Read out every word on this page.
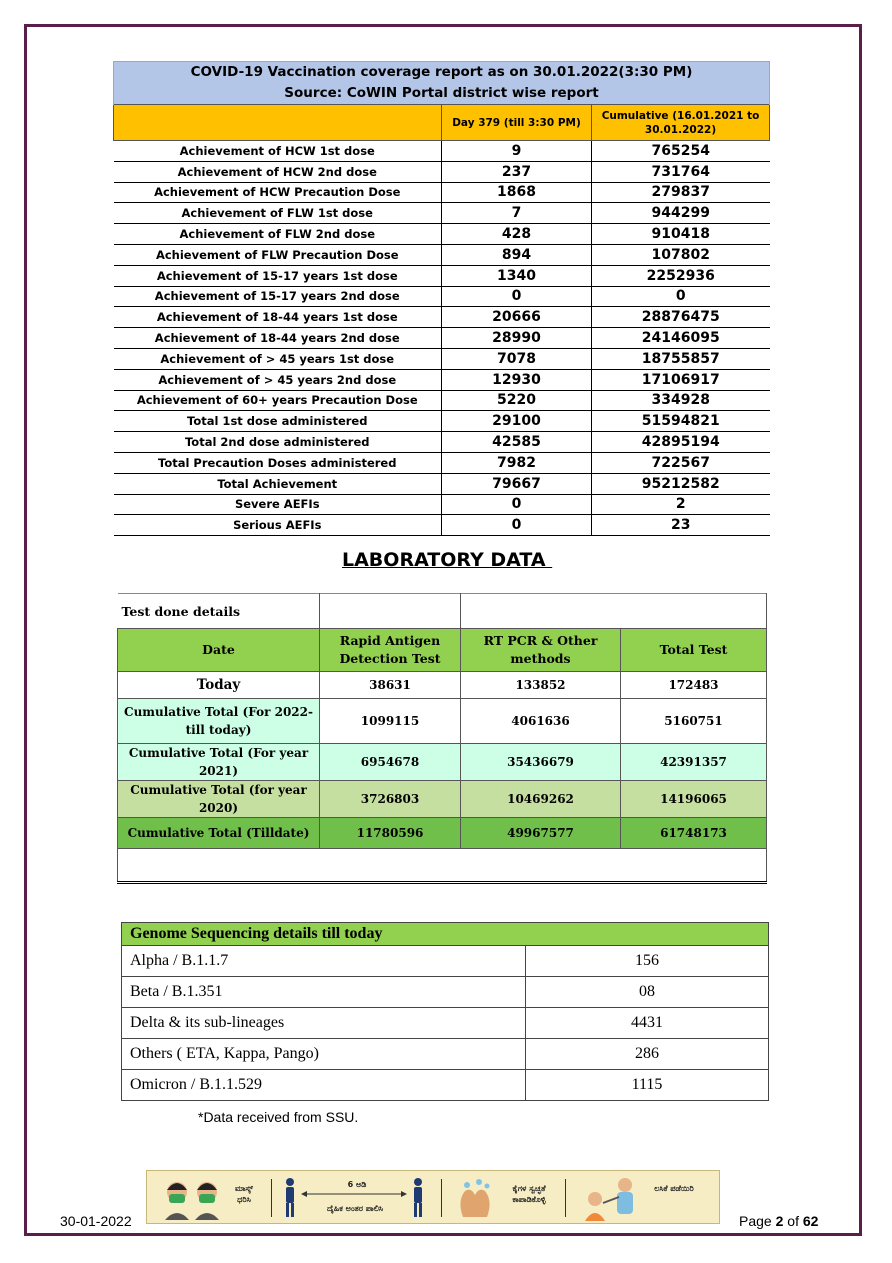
COVID-19 Vaccination coverage report as on 30.01.2022(3:30 PM)		
Source: CoWIN Portal district wise report		
	Day 379 (till 3:30 PM)	Cumulative (16.01.2021 to 30.01.2022)
Achievement of HCW 1st dose	9	765254
Achievement of HCW 2nd dose	237	731764
Achievement of HCW Precaution Dose	1868	279837
Achievement of FLW 1st dose	7	944299
Achievement of FLW 2nd dose	428	910418
Achievement of FLW Precaution Dose	894	107802
Achievement of 15-17 years 1st dose	1340	2252936
Achievement of 15-17 years 2nd dose	0	0
Achievement of 18-44 years 1st dose	20666	28876475
Achievement of 18-44 years 2nd dose	28990	24146095
Achievement of > 45 years 1st dose	7078	18755857
Achievement of > 45 years 2nd dose	12930	17106917
Achievement of 60+ years Precaution Dose	5220	334928
Total 1st dose administered	29100	51594821
Total 2nd dose administered	42585	42895194
Total Precaution Doses administered	7982	722567
Total Achievement	79667	95212582
Severe AEFIs	0	2
Serious AEFIs	0	23
LABORATORY DATA
Test done details			
Date	Rapid Antigen Detection Test	RT PCR & Other methods	Total Test
Today	38631	133852	172483
Cumulative Total (For 2022- till today)	1099115	4061636	5160751
Cumulative Total (For year 2021)	6954678	35436679	42391357
Cumulative Total (for year 2020)	3726803	10469262	14196065
Cumulative Total (Tilldate)	11780596	49967577	61748173

Genome Sequencing details till today	
Alpha / B.1.1.7	156
Beta / B.1.351	08
Delta & its sub-lineages	4431
Others ( ETA, Kappa, Pango)	286
Omicron / B.1.1.529	1115
*Data received from SSU.
30-01-2022
ಮಾಸ್ಕ್ ಧರಿಸಿ
6 ಅಡಿ
ದೈಹಿಕ ಅಂತರ ಪಾಲಿಸಿ
ಕೈಗಳ ಸ್ವಚ್ಛತೆ ಕಾಪಾಡಿಕೊಳ್ಳಿ
ಲಸಿಕೆ ಪಡೆಯಿರಿ
Page 2 of 62
